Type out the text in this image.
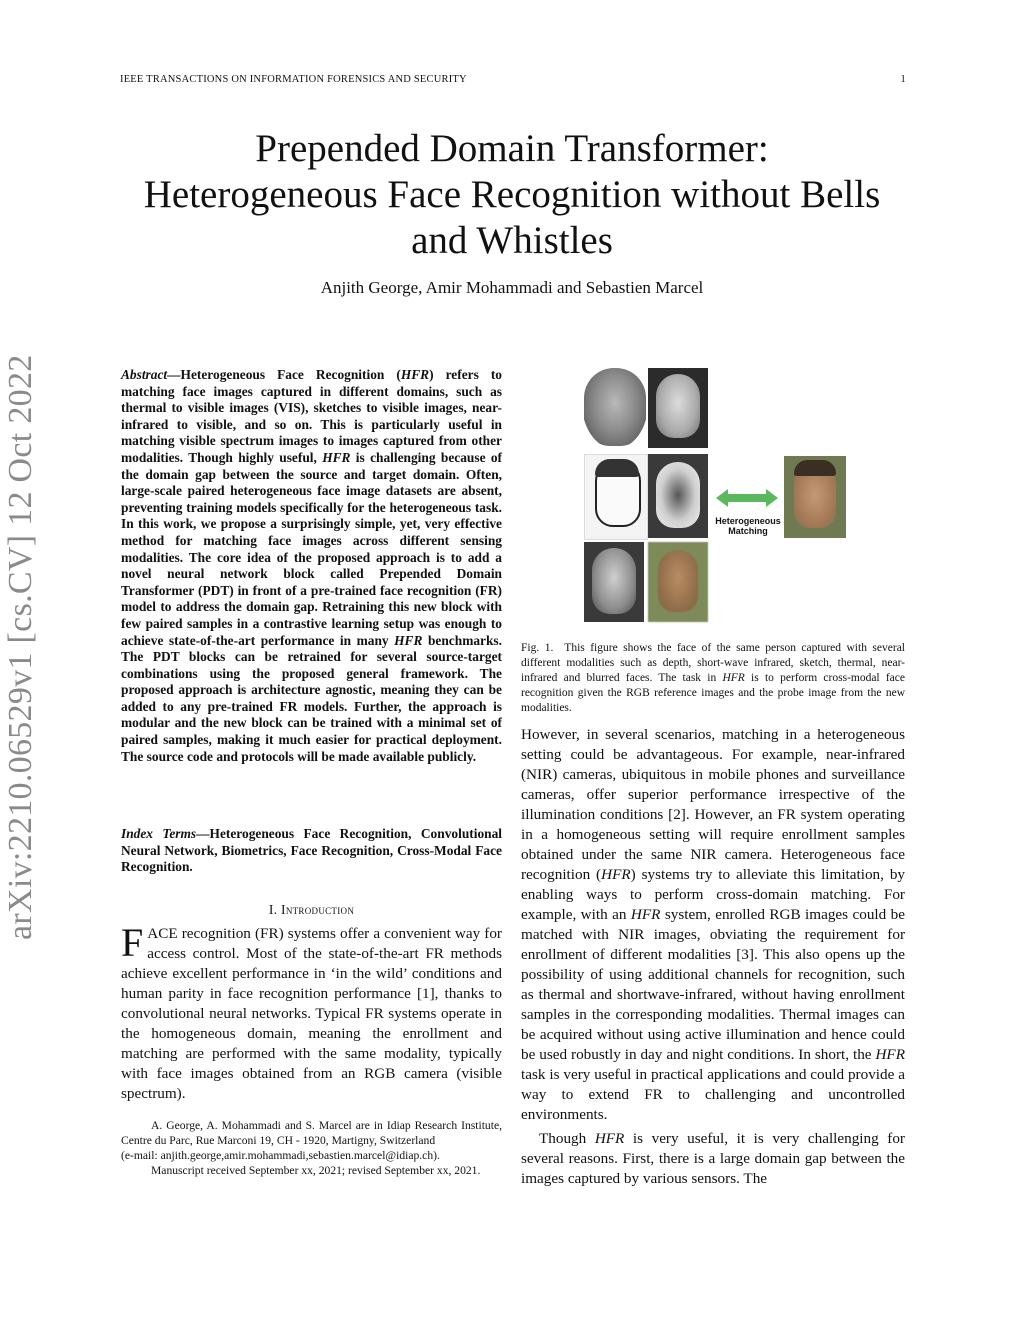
IEEE TRANSACTIONS ON INFORMATION FORENSICS AND SECURITY	1
Prepended Domain Transformer:
Heterogeneous Face Recognition without Bells
and Whistles
Anjith George, Amir Mohammadi and Sebastien Marcel
arXiv:2210.06529v1 [cs.CV] 12 Oct 2022	Abstract—Heterogeneous Face Recognition (HFR) refers to matching face images captured in different domains, such as thermal to visible images (VIS), sketches to visible images, near-infrared to visible, and so on. This is particularly useful in matching visible spectrum images to images captured from other modalities. Though highly useful, HFR is challenging because of the domain gap between the source and target domain. Often, large-scale paired heterogeneous face image datasets are absent, preventing training models specifically for the heterogeneous task. In this work, we propose a surprisingly simple, yet, very effective method for matching face images across different sensing modalities. The core idea of the proposed approach is to add a novel neural network block called Prepended Domain Transformer (PDT) in front of a pre-trained face recognition (FR) model to address the domain gap. Retraining this new block with few paired samples in a contrastive learning setup was enough to achieve state-of-the-art performance in many HFR benchmarks. The PDT blocks can be retrained for several source-target combinations using the proposed general framework. The proposed approach is architecture agnostic, meaning they can be added to any pre-trained FR models. Further, the approach is modular and the new block can be trained with a minimal set of paired samples, making it much easier for practical deployment. The source code and protocols will be made available publicly.
Index Terms—Heterogeneous Face Recognition, Convolutional Neural Network, Biometrics, Face Recognition, Cross-Modal Face Recognition.
I. Introduction
FACE recognition (FR) systems offer a convenient way for access control. Most of the state-of-the-art FR methods achieve excellent performance in ‘in the wild’ conditions and human parity in face recognition performance [1], thanks to convolutional neural networks. Typical FR systems operate in the homogeneous domain, meaning the enrollment and matching are performed with the same modality, typically with face images obtained from an RGB camera (visible spectrum).
A. George, A. Mohammadi and S. Marcel are in Idiap Research Institute, Centre du Parc, Rue Marconi 19, CH - 1920, Martigny, Switzerland
(e-mail: anjith.george,amir.mohammadi,sebastien.marcel@idiap.ch).
Manuscript received September xx, 2021; revised September xx, 2021.
Heterogeneous
Matching
Fig. 1. This figure shows the face of the same person captured with several different modalities such as depth, short-wave infrared, sketch, thermal, near-infrared and blurred faces. The task in HFR is to perform cross-modal face recognition given the RGB reference images and the probe image from the new modalities.

However, in several scenarios, matching in a heterogeneous setting could be advantageous. For example, near-infrared (NIR) cameras, ubiquitous in mobile phones and surveillance cameras, offer superior performance irrespective of the illumination conditions [2]. However, an FR system operating in a homogeneous setting will require enrollment samples obtained under the same NIR camera. Heterogeneous face recognition (HFR) systems try to alleviate this limitation, by enabling ways to perform cross-domain matching. For example, with an HFR system, enrolled RGB images could be matched with NIR images, obviating the requirement for enrollment of different modalities [3]. This also opens up the possibility of using additional channels for recognition, such as thermal and shortwave-infrared, without having enrollment samples in the corresponding modalities. Thermal images can be acquired without using active illumination and hence could be used robustly in day and night conditions. In short, the HFR task is very useful in practical applications and could provide a way to extend FR to challenging and uncontrolled environments.

Though HFR is very useful, it is very challenging for several reasons. First, there is a large domain gap between the images captured by various sensors. The
